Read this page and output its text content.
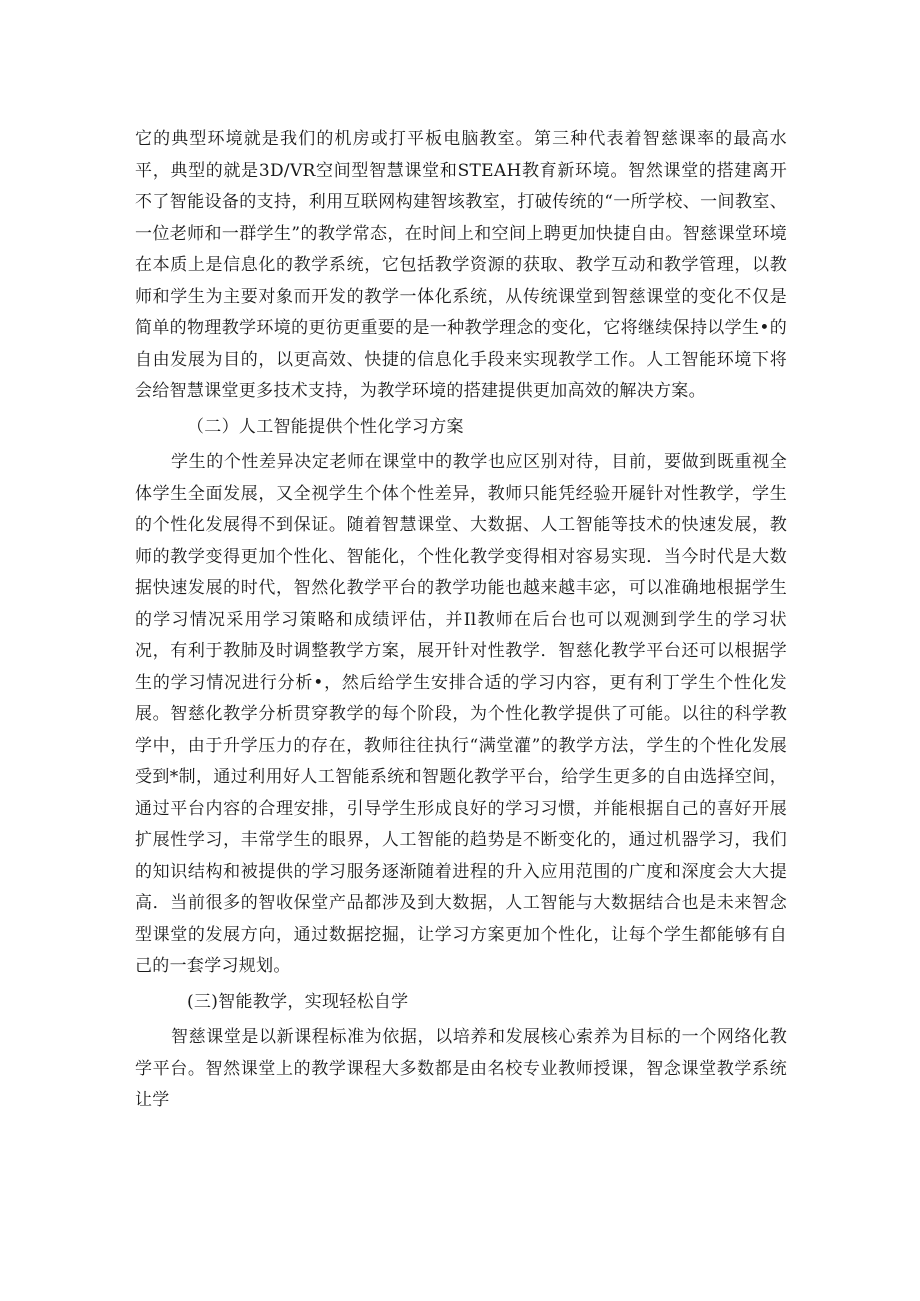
它的典型环境就是我们的机房或打平板电脑教室。第三种代表着智慈课率的最高水平，典型的就是3D/VR空间型智慧课堂和STEAH教育新环境。智然课堂的搭建离开不了智能设备的支持，利用互联网构建智垓教室，打破传统的“一所学校、一间教室、一位老师和一群学生”的教学常态，在时间上和空间上聘更加快捷自由。智慈课堂环境在本质上是信息化的教学系统，它包括教学资源的获取、教学互动和教学管理，以教师和学生为主要对象而开发的教学一体化系统，从传统课堂到智慈课堂的变化不仅是简单的物理教学环境的更彷更重要的是一种教学理念的变化，它将继续保持以学生•的自由发展为目的，以更高效、快捷的信息化手段来实现教学工作。人工智能环境下将会给智慧课堂更多技术支持，为教学环境的搭建提供更加高效的解决方案。

（二）人工智能提供个性化学习方案

学生的个性差异决定老师在课堂中的教学也应区别对待，目前，要做到既重视全体学生全面发展，又全视学生个体个性差异，教师只能凭经验开屣针对性教学，学生的个性化发展得不到保证。随着智慧课堂、大数据、人工智能等技术的快速发展，教师的教学变得更加个性化、智能化，个性化教学变得相对容易实现．当今时代是大数据快速发展的时代，智然化教学平台的教学功能也越来越丰宓，可以准确地根据学生的学习情况采用学习策略和成绩评估，并Il教师在后台也可以观测到学生的学习状况，有利于教肺及时调整教学方案，展开针对性教学．智慈化教学平台还可以根据学生的学习情况进行分析•，然后给学生安排合适的学习内容，更有利丁学生个性化发展。智慈化教学分析贯穿教学的每个阶段，为个性化教学提供了可能。以往的科学教学中，由于升学压力的存在，教师往往执行“满堂灌”的教学方法，学生的个性化发展受到*制，通过利用好人工智能系统和智题化教学平台，给学生更多的自由选择空间，通过平台内容的合理安排，引导学生形成良好的学习习惯，并能根据自己的喜好开展扩展性学习，丰常学生的眼界，人工智能的趋势是不断变化的，通过机器学习，我们的知识结构和被提供的学习服务逐渐随着进程的升入应用范围的广度和深度会大大提高．当前很多的智收保堂产品都涉及到大数据，人工智能与大数据结合也是未来智念型课堂的发展方向，通过数据挖掘，让学习方案更加个性化，让每个学生都能够有自己的一套学习规划。

(三)智能教学，实现轻松自学

智慈课堂是以新课程标准为依据，以培养和发展核心索养为目标的一个网络化教学平台。智然课堂上的教学课程大多数都是由名校专业教师授课，智念课堂教学系统让学
